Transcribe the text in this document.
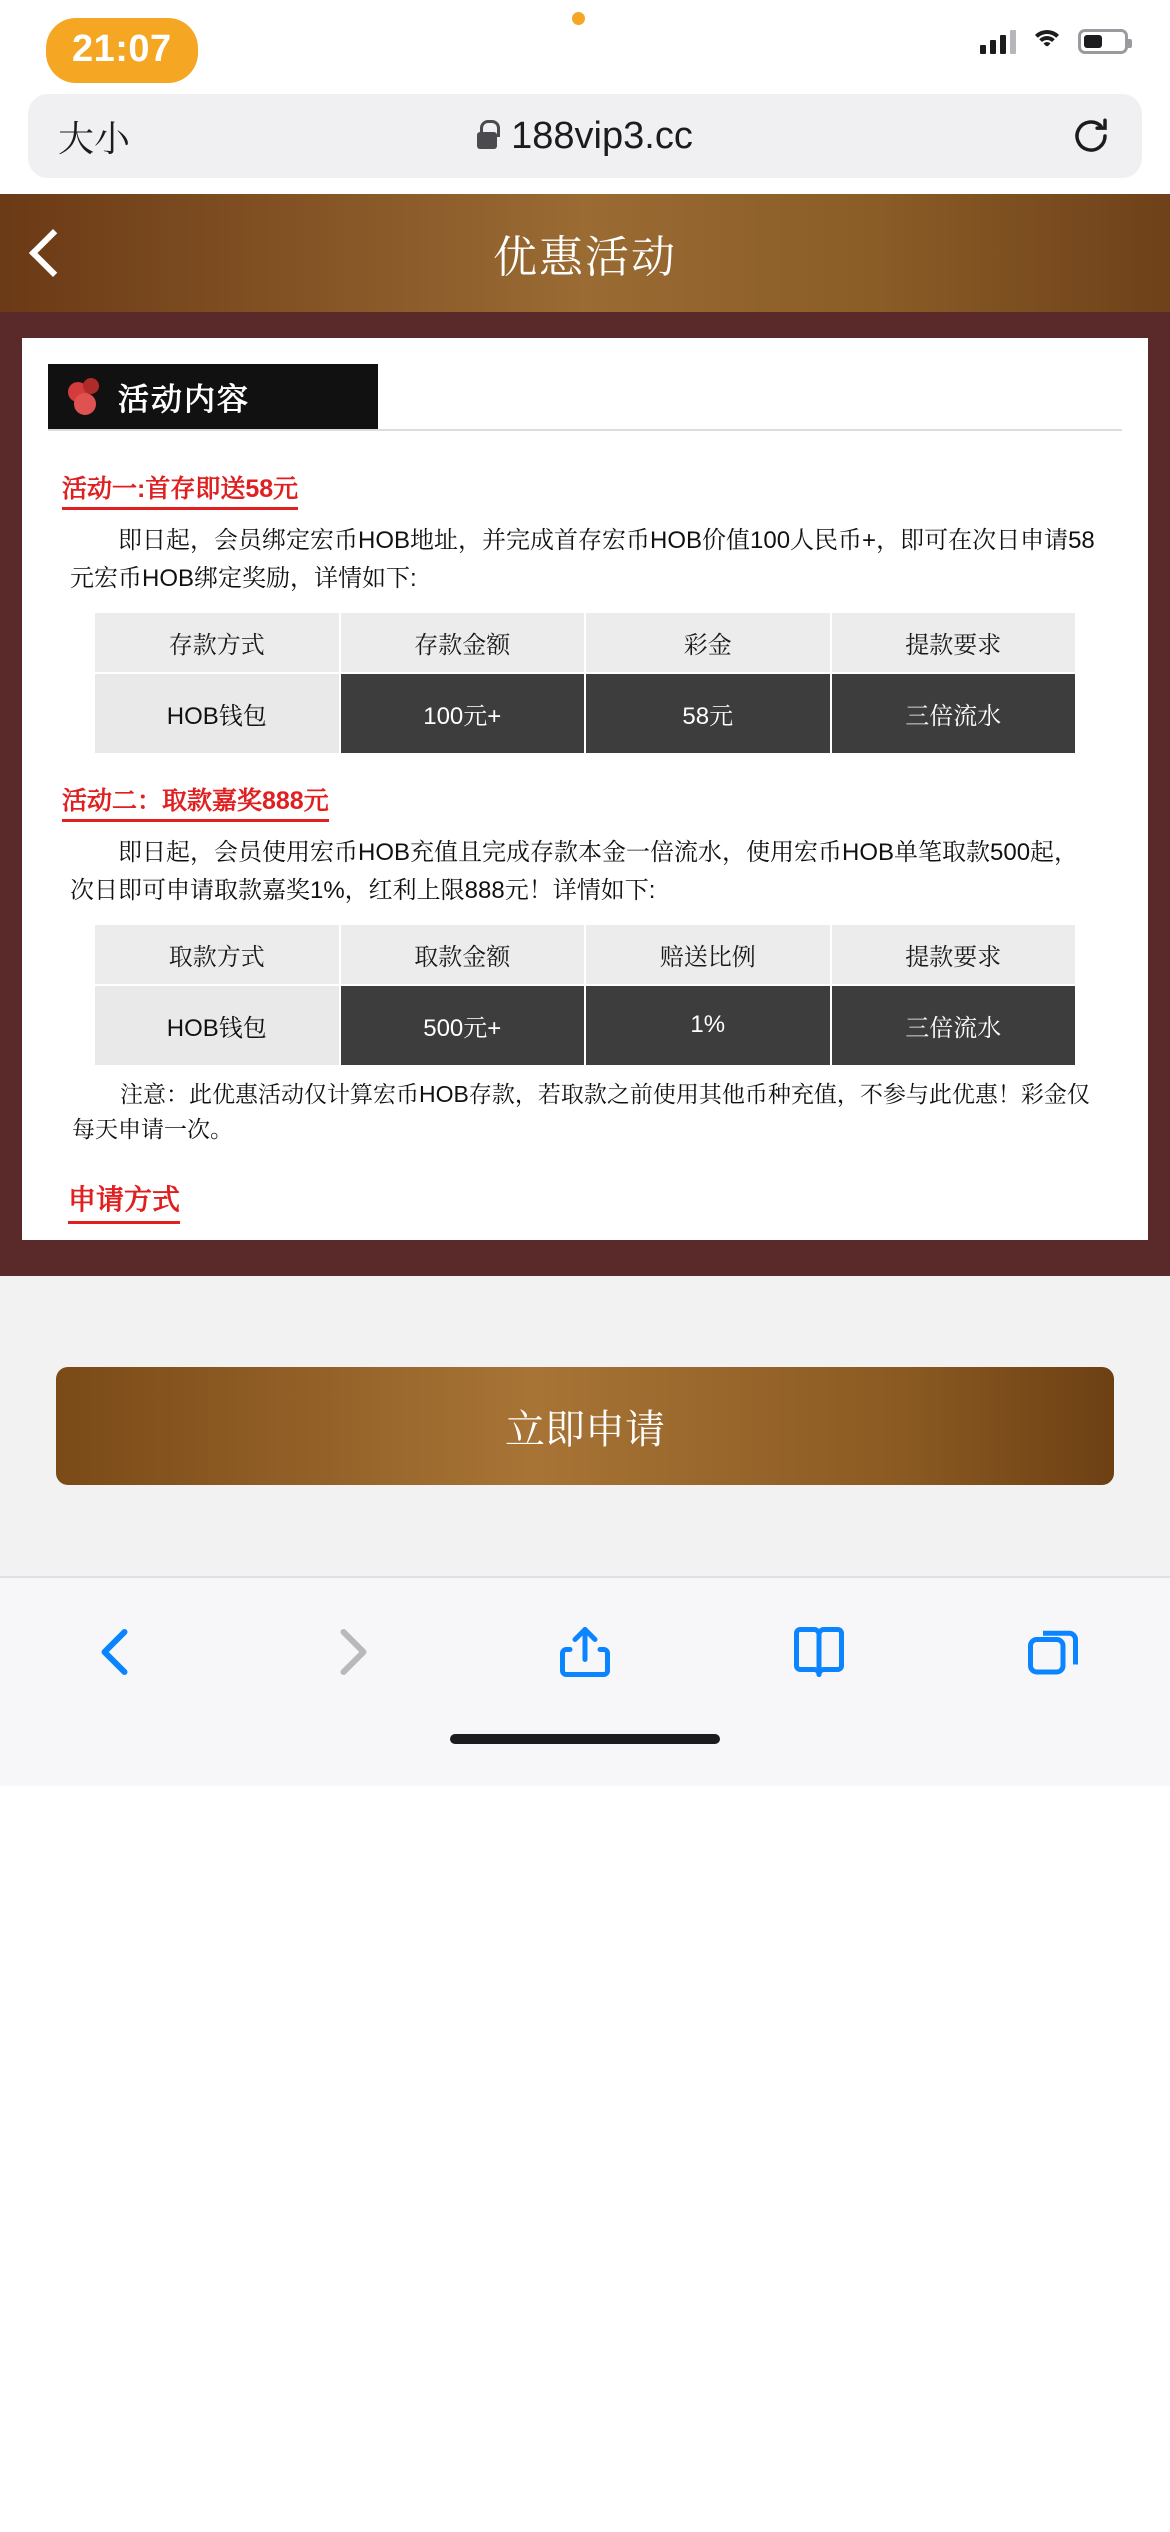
21:07
大小	188vip3.cc
优惠活动
活动内容
活动一:首存即送58元
即日起，会员绑定宏币HOB地址，并完成首存宏币HOB价值100人民币+，即可在次日申请58元宏币HOB绑定奖励，详情如下:
存款方式	存款金额	彩金	提款要求
HOB钱包	100元+	58元	三倍流水
活动二：取款嘉奖888元
即日起，会员使用宏币HOB充值且完成存款本金一倍流水，使用宏币HOB单笔取款500起，次日即可申请取款嘉奖1%，红利上限888元！详情如下:
取款方式	取款金额	赔送比例	提款要求
HOB钱包	500元+	1%	三倍流水
注意：此优惠活动仅计算宏币HOB存款，若取款之前使用其他币种充值，不参与此优惠！彩金仅每天申请一次。
申请方式
立即申请
